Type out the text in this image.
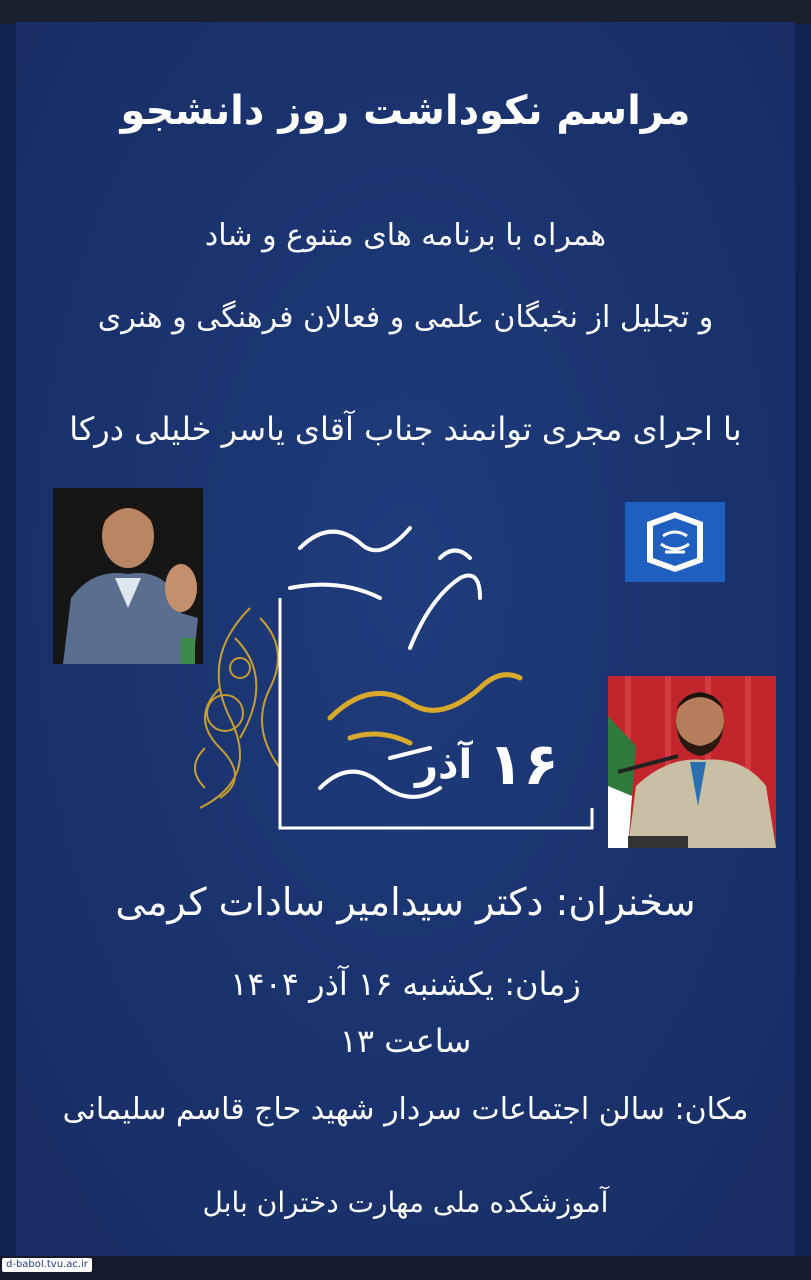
مراسم نکوداشت روز دانشجو
همراه با برنامه های متنوع و شاد
و تجلیل از نخبگان علمی و فعالان فرهنگی و هنری
با اجرای مجری توانمند جناب آقای یاسر خلیلی درکا
۱۶
آذر
سخنران: دکتر سیدامیر سادات کرمی
زمان: یکشنبه ۱۶ آذر ۱۴۰۴
ساعت ۱۳
مکان: سالن اجتماعات سردار شهید حاج قاسم سلیمانی
آموزشکده ملی مهارت دختران بابل
d-babol.tvu.ac.ir
